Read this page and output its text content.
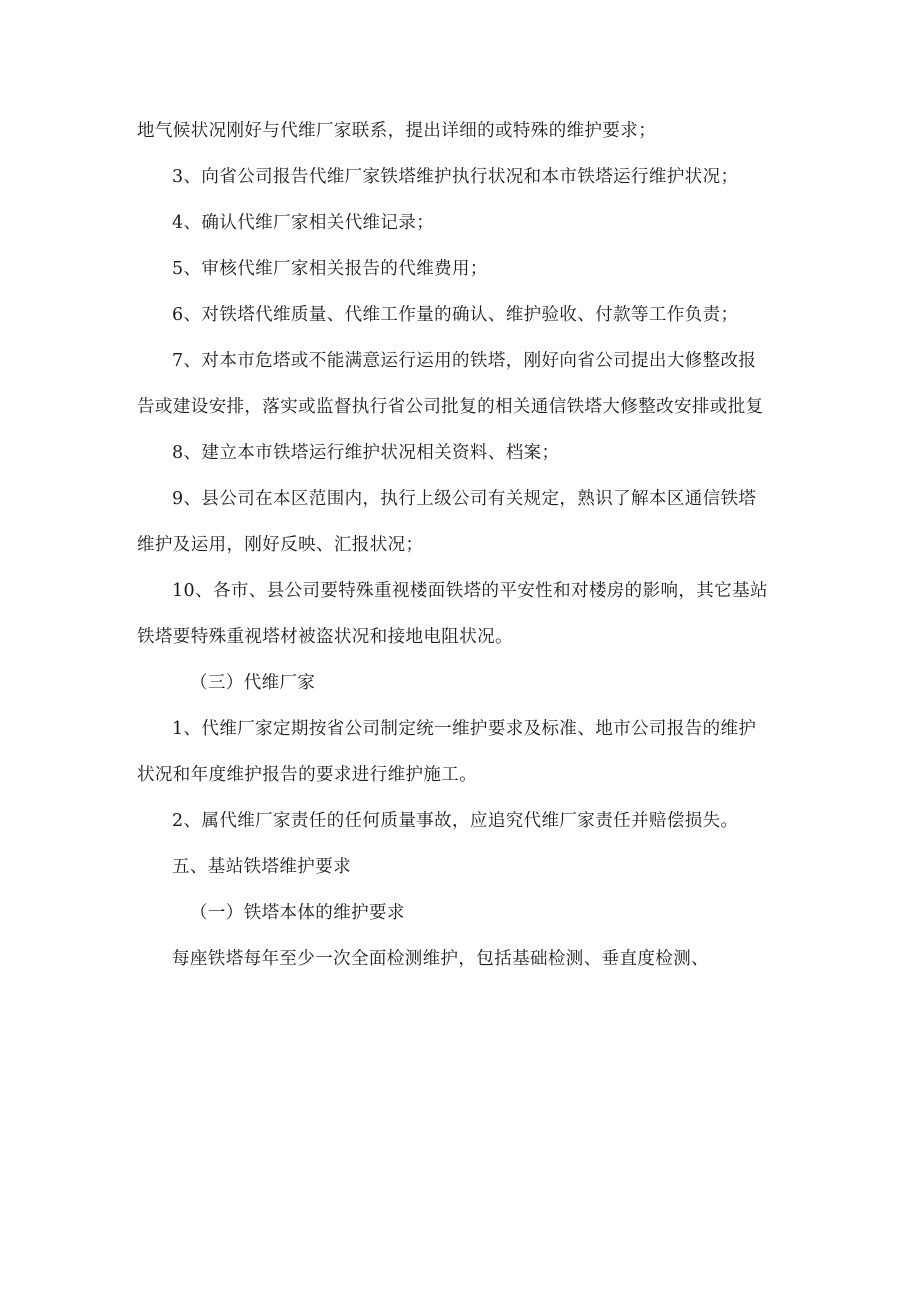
地气候状况刚好与代维厂家联系，提出详细的或特殊的维护要求；
3、向省公司报告代维厂家铁塔维护执行状况和本市铁塔运行维护状况；
4、确认代维厂家相关代维记录；
5、审核代维厂家相关报告的代维费用；
6、对铁塔代维质量、代维工作量的确认、维护验收、付款等工作负责；
7、对本市危塔或不能满意运行运用的铁塔，刚好向省公司提出大修整改报
告或建设安排，落实或监督执行省公司批复的相关通信铁塔大修整改安排或批复
8、建立本市铁塔运行维护状况相关资料、档案；
9、县公司在本区范围内，执行上级公司有关规定，熟识了解本区通信铁塔
维护及运用，刚好反映、汇报状况；
10、各市、县公司要特殊重视楼面铁塔的平安性和对楼房的影响，其它基站
铁塔要特殊重视塔材被盗状况和接地电阻状况。
（三）代维厂家
1、代维厂家定期按省公司制定统一维护要求及标准、地市公司报告的维护
状况和年度维护报告的要求进行维护施工。
2、属代维厂家责任的任何质量事故，应追究代维厂家责任并赔偿损失。
五、基站铁塔维护要求
（一）铁塔本体的维护要求
每座铁塔每年至少一次全面检测维护，包括基础检测、垂直度检测、
